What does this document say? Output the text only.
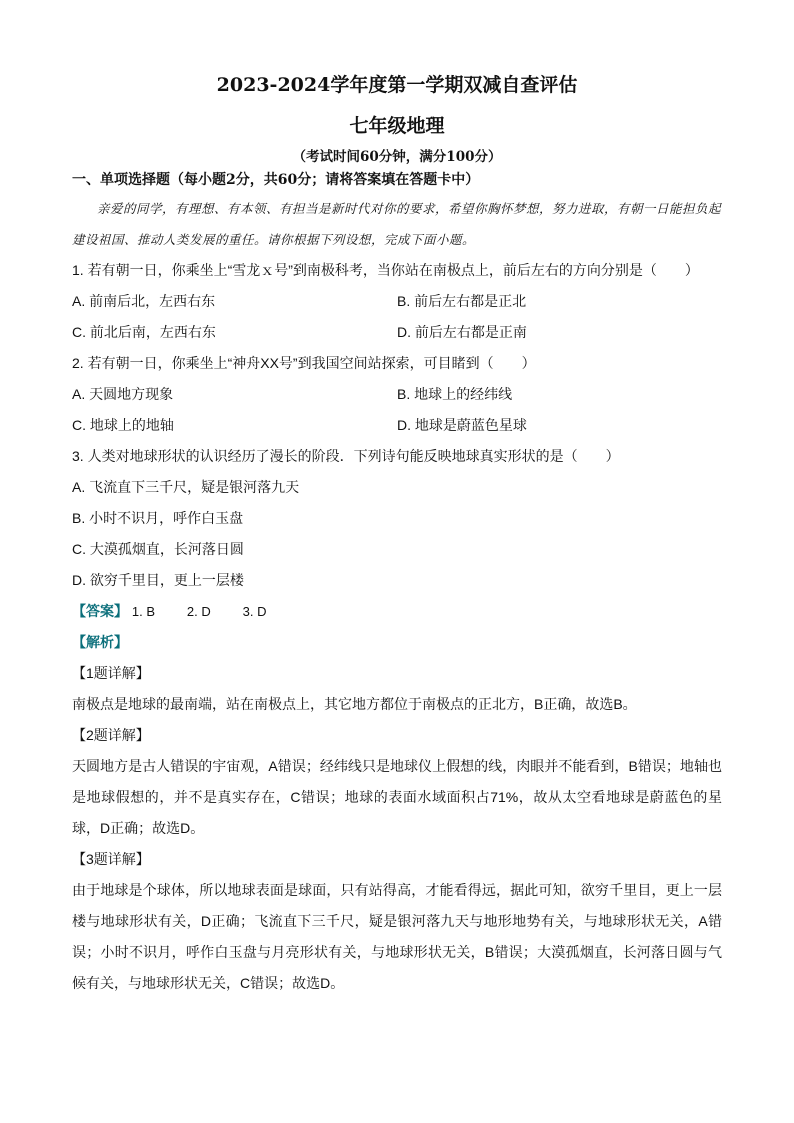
2023-2024学年度第一学期双减自查评估
七年级地理
（考试时间60分钟，满分100分）
一、单项选择题（每小题2分，共60分；请将答案填在答题卡中）
亲爱的同学，有理想、有本领、有担当是新时代对你的要求，希望你胸怀梦想，努力进取，有朝一日能担负起建设祖国、推动人类发展的重任。请你根据下列设想，完成下面小题。
1. 若有朝一日，你乘坐上“雪龙ｘ号”到南极科考，当你站在南极点上，前后左右的方向分别是（　　）
A. 前南后北，左西右东	B. 前后左右都是正北
C. 前北后南，左西右东	D. 前后左右都是正南
2. 若有朝一日，你乘坐上“神舟XX号”到我国空间站探索，可目睹到（　　）
A. 天圆地方现象	B. 地球上的经纬线
C. 地球上的地轴	D. 地球是蔚蓝色星球
3. 人类对地球形状的认识经历了漫长的阶段．下列诗句能反映地球真实形状的是（　　）
A. 飞流直下三千尺，疑是银河落九天
B. 小时不识月，呼作白玉盘
C. 大漠孤烟直，长河落日圆
D. 欲穷千里目，更上一层楼
【答案】 1. B 2. D 3. D
【解析】
【1题详解】
南极点是地球的最南端，站在南极点上，其它地方都位于南极点的正北方，B正确，故选B。
【2题详解】
天圆地方是古人错误的宇宙观，A错误；经纬线只是地球仪上假想的线，肉眼并不能看到，B错误；地轴也是地球假想的，并不是真实存在，C错误；地球的表面水域面积占71%，故从太空看地球是蔚蓝色的星球，D正确；故选D。
【3题详解】
由于地球是个球体，所以地球表面是球面，只有站得高，才能看得远，据此可知，欲穷千里目，更上一层楼与地球形状有关，D正确；飞流直下三千尺，疑是银河落九天与地形地势有关，与地球形状无关，A错误；小时不识月，呼作白玉盘与月亮形状有关，与地球形状无关，B错误；大漠孤烟直，长河落日圆与气候有关，与地球形状无关，C错误；故选D。
